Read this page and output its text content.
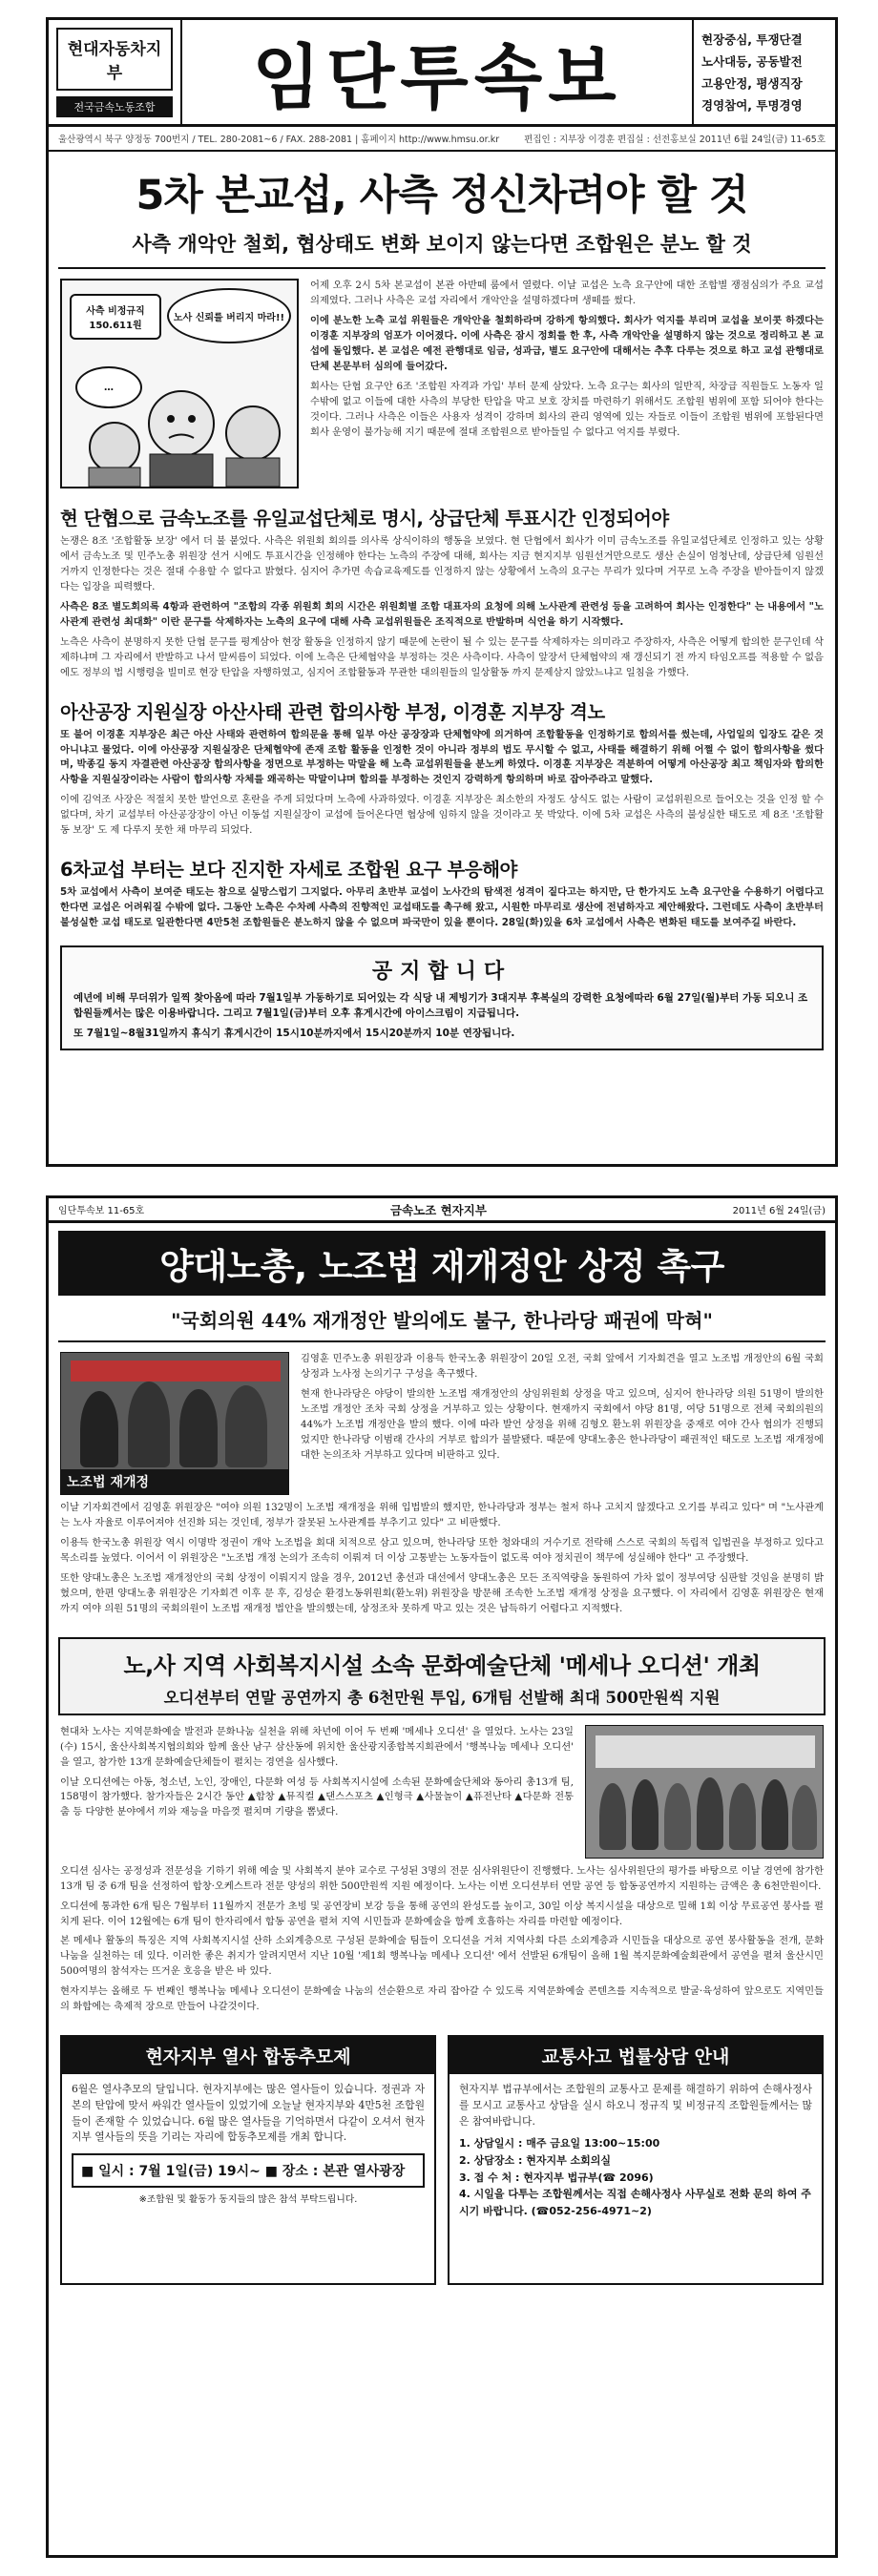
현대자동차지부
전국금속노동조합	임단투속보	현장중심, 투쟁단결
노사대등, 공동발전
고용안정, 평생직장
경영참여, 투명경영
울산광역시 북구 양정동 700번지 / TEL. 280-2081~6 / FAX. 288-2081 | 홈페이지 http://www.hmsu.or.kr	편집인 : 지부장 이경훈 편집실 : 선전홍보실 2011년 6월 24일(금) 11-65호
5차 본교섭, 사측 정신차려야 할 것
사측 개악안 철회, 협상태도 변화 보이지 않는다면 조합원은 분노 할 것
노사 신뢰를 버리지 마라!!
사측 비정규직 150.611원
…

어제 오후 2시 5차 본교섭이 본관 아반떼 룸에서 열렸다. 이날 교섭은 노측 요구안에 대한 조합별 쟁점심의가 주요 교섭 의제였다. 그러나 사측은 교섭 자리에서 개악안을 설명하겠다며 생떼를 썼다.

이에 분노한 노측 교섭 위원들은 개악안을 철회하라며 강하게 항의했다. 회사가 억지를 부리며 교섭을 보이콧 하겠다는 이경훈 지부장의 엄포가 이어졌다. 이에 사측은 잠시 정회를 한 후, 사측 개악안을 설명하지 않는 것으로 정리하고 본 교섭에 돌입했다. 본 교섭은 예전 관행대로 임금, 성과급, 별도 요구안에 대해서는 추후 다루는 것으로 하고 교섭 관행대로 단체 본문부터 심의에 들어갔다.

회사는 단협 요구안 6조 '조합원 자격과 가입' 부터 문제 삼았다. 노측 요구는 회사의 일반직, 차장급 직원들도 노동자 일 수밖에 없고 이들에 대한 사측의 부당한 탄압을 막고 보호 장치를 마련하기 위해서도 조합원 범위에 포함 되어야 한다는 것이다. 그러나 사측은 이들은 사용자 성격이 강하며 회사의 관리 영역에 있는 자들로 이들이 조합원 범위에 포함된다면 회사 운영이 불가능해 지기 때문에 절대 조합원으로 받아들일 수 없다고 억지를 부렸다.

현 단협으로 금속노조를 유일교섭단체로 명시, 상급단체 투표시간 인정되어야

논쟁은 8조 '조합활동 보장' 에서 더 불 붙었다. 사측은 위원회 회의를 의사록 상식이하의 행동을 보였다. 현 단협에서 회사가 이미 금속노조를 유일교섭단체로 인정하고 있는 상황에서 금속노조 및 민주노총 위원장 선거 시에도 투표시간을 인정해야 한다는 노측의 주장에 대해, 회사는 지금 현지지부 임원선거만으로도 생산 손실이 엄청난데, 상급단체 임원선거까지 인정한다는 것은 절대 수용할 수 없다고 밝혔다. 심지어 추가면 속습교육제도를 인정하지 않는 상황에서 노측의 요구는 무리가 있다며 거꾸로 노측 주장을 받아들이지 않겠다는 입장을 피력했다.

사측은 8조 별도회의록 4항과 관련하여 "조합의 각종 위원회 회의 시간은 위원회별 조합 대표자의 요청에 의해 노사관계 관련성 등을 고려하여 회사는 인정한다" 는 내용에서 "노사관계 관련성 최대화" 이란 문구를 삭제하자는 노측의 요구에 대해 사측 교섭위원들은 조직적으로 반발하며 식언을 하기 시작했다.

노측은 사측이 분명하지 못한 단협 문구를 평계삼아 현장 활동을 인정하지 않기 때문에 논란이 될 수 있는 문구를 삭제하자는 의미라고 주장하자, 사측은 어떻게 합의한 문구인데 삭제하냐며 그 자리에서 반발하고 나서 말씨름이 되었다. 이에 노측은 단체협약을 부정하는 것은 사측이다. 사측이 앞장서 단체협약의 재 갱신되기 전 까지 타임오프를 적용할 수 없음에도 정부의 법 시행령을 빌미로 현장 탄압을 자행하였고, 심지어 조합활동과 무관한 대의원들의 일상활동 까지 문제삼지 않았느냐고 일침을 가했다.

아산공장 지원실장 아산사태 관련 합의사항 부정, 이경훈 지부장 격노

또 불어 이경훈 지부장은 최근 아산 사태와 관련하여 합의문을 통해 일부 아산 공장장과 단체협약에 의거하여 조합활동을 인정하기로 합의서를 썼는데, 사업일의 입장도 같은 것 아니냐고 물었다. 이에 아산공장 지원실장은 단체협약에 존재 조합 활동을 인정한 것이 아니라 정부의 법도 무시할 수 없고, 사태를 해결하기 위해 어쩔 수 없이 합의사항을 썼다며, 박종길 동지 자결관련 아산공장 합의사항을 정면으로 부정하는 막말을 해 노측 교섭위원들을 분노케 하였다. 이경훈 지부장은 격분하여 어떻게 아산공장 최고 책임자와 합의한 사항을 지원실장이라는 사람이 합의사항 자체를 왜곡하는 막말이냐며 합의를 부정하는 것인지 강력하게 항의하며 바로 잡아주라고 말했다.

이에 김억조 사장은 적절치 못한 발언으로 혼란을 주게 되었다며 노측에 사과하였다. 이경훈 지부장은 최소한의 자정도 상식도 없는 사람이 교섭위원으로 들어오는 것을 인정 할 수 없다며, 차기 교섭부터 아산공장장이 아닌 이동섭 지원실장이 교섭에 들어온다면 협상에 임하지 않을 것이라고 못 박았다. 이에 5차 교섭은 사측의 불성실한 태도로 제 8조 '조합활동 보장' 도 제 다루지 못한 채 마무리 되었다.

6차교섭 부터는 보다 진지한 자세로 조합원 요구 부응해야

5차 교섭에서 사측이 보여준 태도는 참으로 실망스럽기 그지없다. 아무리 초반부 교섭이 노사간의 탐색전 성격이 짙다고는 하지만, 단 한가지도 노측 요구안을 수용하기 어렵다고 한다면 교섭은 어려워질 수밖에 없다. 그동안 노측은 수차례 사측의 진향적인 교섭태도를 촉구해 왔고, 시원한 마무리로 생산에 전념하자고 제안해왔다. 그런데도 사측이 초반부터 불성실한 교섭 태도로 일관한다면 4만5천 조합원들은 분노하지 않을 수 없으며 파국만이 있을 뿐이다. 28일(화)있을 6차 교섭에서 사측은 변화된 태도를 보여주길 바란다.

공지합니다
예년에 비해 무더위가 일찍 찾아옴에 따라 7월1일부 가동하기로 되어있는 각 식당 내 제빙기가 3대지부 후복실의 강력한 요청에따라 6월 27일(월)부터 가동 되오니 조합원들께서는 많은 이용바랍니다. 그리고 7월1일(금)부터 오후 휴게시간에 아이스크림이 지급됩니다.
또 7월1일~8월31일까지 휴식기 휴게시간이 15시10분까지에서 15시20분까지 10분 연장됩니다.
임단투속보 11-65호	금속노조 현자지부	2011년 6월 24일(금)
양대노총, 노조법 재개정안 상정 촉구
"국회의원 44% 재개정안 발의에도 불구, 한나라당 패권에 막혀"
노조법 재개정

김영훈 민주노총 위원장과 이용득 한국노총 위원장이 20일 오전, 국회 앞에서 기자회견을 열고 노조법 개정안의 6월 국회 상정과 노사정 논의기구 구성을 촉구했다.

현재 한나라당은 야당이 발의한 노조법 재개정안의 상임위원회 상정을 막고 있으며, 심지어 한나라당 의원 51명이 발의한 노조법 개정안 조차 국회 상정을 거부하고 있는 상황이다. 현재까지 국회에서 야당 81명, 여당 51명으로 전체 국회의원의 44%가 노조법 개정안을 발의 했다. 이에 따라 발언 상정을 위해 김형오 환노위 위원장을 중재로 여야 간사 협의가 진행되었지만 한나라당 이범래 간사의 거부로 합의가 불발됐다. 때문에 양대노총은 한나라당이 패권적인 태도로 노조법 재개정에 대한 논의조차 거부하고 있다며 비판하고 있다.

이날 기자회견에서 김영훈 위원장은 "여야 의원 132명이 노조법 재개정을 위해 입법발의 했지만, 한나라당과 정부는 철저 하나 고치지 않겠다고 오기를 부리고 있다" 며 "노사관계는 노사 자율로 이루어져야 선진화 되는 것인데, 정부가 잘못된 노사관계를 부추기고 있다" 고 비판했다.

이용득 한국노총 위원장 역시 이명박 정권이 개악 노조법을 회대 치적으로 삼고 있으며, 한나라당 또한 청와대의 거수기로 전락해 스스로 국회의 독립적 입법권을 부정하고 있다고 목소리를 높였다. 이어서 이 위원장은 "노조법 개정 논의가 조속히 이뤄져 더 이상 고통받는 노동자들이 없도록 여야 정치권이 책무에 성실해야 한다" 고 주장했다.

또한 양대노총은 노조법 재개정안의 국회 상정이 이뤄지지 않을 경우, 2012년 총선과 대선에서 양대노총은 모든 조직역량을 동원하여 가차 없이 정부여당 심판할 것임을 분명히 밝혔으며, 한편 양대노총 위원장은 기자회견 이후 문 후, 김성순 환경노동위원회(환노위) 위원장을 방문해 조속한 노조법 재개정 상정을 요구했다. 이 자리에서 김영훈 위원장은 현재까지 여야 의원 51명의 국회의원이 노조법 재개정 법안을 발의했는데, 상정조차 못하게 막고 있는 것은 납득하기 어렵다고 지적했다.

노,사 지역 사회복지시설 소속 문화예술단체 '메세나 오디션' 개최
오디션부터 연말 공연까지 총 6천만원 투입, 6개팀 선발해 최대 500만원씩 지원

현대차 노사는 지역문화예술 발전과 문화나눔 실천을 위해 차년에 이어 두 번째 '메세나 오디션' 을 열었다. 노사는 23일(수) 15시, 울산사회복지협의회와 함께 울산 남구 삼산동에 위치한 울산광지종합복지회관에서 '행복나눔 메세나 오디션' 을 열고, 참가한 13개 문화예술단체들이 펼치는 경연을 심사했다.

이날 오디션에는 아동, 청소년, 노인, 장애인, 다문화 여성 등 사회복지시설에 소속된 문화예술단체와 동아리 총13개 팀, 158명이 참가했다. 참가자들은 2시간 동안 ▲합창 ▲뮤직컬 ▲댄스스포츠 ▲인형극 ▲사물놀이 ▲퓨전난타 ▲다문화 전통춤 등 다양한 분야에서 끼와 재능을 마음껏 펼치며 기량을 뽐냈다.

오디션 심사는 공정성과 전문성을 기하기 위해 예술 및 사회복지 분야 교수로 구성된 3명의 전문 심사위원단이 진행했다. 노사는 심사위원단의 평가를 바탕으로 이날 경연에 참가한 13개 팀 중 6개 팀을 선정하여 합창·오케스트라 전문 양성의 위한 500만원씩 지원 예정이다. 노사는 이번 오디션부터 연말 공연 등 합동공연까지 지원하는 금액은 총 6천만원이다.

오디션에 통과한 6개 팀은 7월부터 11월까지 전문가 초빙 및 공연장비 보강 등을 통해 공연의 완성도를 높이고, 30일 이상 복지시설을 대상으로 밀해 1회 이상 무료공연 봉사를 펼치게 된다. 이어 12월에는 6개 팀이 한자리에서 합동 공연을 펼쳐 지역 시민들과 문화예술을 함께 호흡하는 자리를 마련할 예정이다.

본 메세나 활동의 특징은 지역 사회복지시설 산하 소외계층으로 구성된 문화예술 팀들이 오디션을 거쳐 지역사회 다른 소외계층과 시민들을 대상으로 공연 봉사활동을 전개, 문화 나눔을 실천하는 데 있다. 이러한 좋은 취지가 알려지면서 지난 10월 '제1회 행복나눔 메세나 오디션' 에서 선발된 6개팀이 올해 1월 복지문화예술회관에서 공연을 펼쳐 울산시민 500여명의 참석자는 뜨거운 호응을 받은 바 있다.

현자지부는 올해로 두 번째인 행복나눔 메세나 오디션이 문화예술 나눔의 선순환으로 자리 잡아갈 수 있도록 지역문화예술 콘텐츠를 지속적으로 발굴·육성하여 앞으로도 지역민들의 화합에는 축제적 장으로 만들어 나갈것이다.

현자지부 열사 합동추모제
6월은 열사추모의 달입니다. 현자지부에는 많은 열사들이 있습니다. 정권과 자본의 탄압에 맞서 싸워간 열사들이 있었기에 오늘날 현자지부와 4만5천 조합원들이 존재할 수 있었습니다. 6월 많은 열사들을 기억하면서 다같이 오셔서 현자지부 열사들의 뜻을 기리는 자리에 합동추모제를 개최 합니다.
■ 일시 : 7월 1일(금) 19시~ ■ 장소 : 본관 열사광장
※조합원 및 활동가 동지들의 많은 참석 부탁드립니다.
교통사고 법률상담 안내
현자지부 법규부에서는 조합원의 교통사고 문제를 해결하기 위하여 손해사정사를 모시고 교통사고 상담을 실시 하오니 정규직 및 비정규직 조합원들께서는 많은 참여바랍니다.
1. 상담일시 : 매주 금요일 13:00~15:00
2. 상담장소 : 현자지부 소회의실
3. 접 수 처 : 현자지부 법규부(☎ 2096)
4. 시일을 다투는 조합원께서는 직접 손해사정사 사무실로 전화 문의 하여 주시기 바랍니다. (☎052-256-4971~2)
